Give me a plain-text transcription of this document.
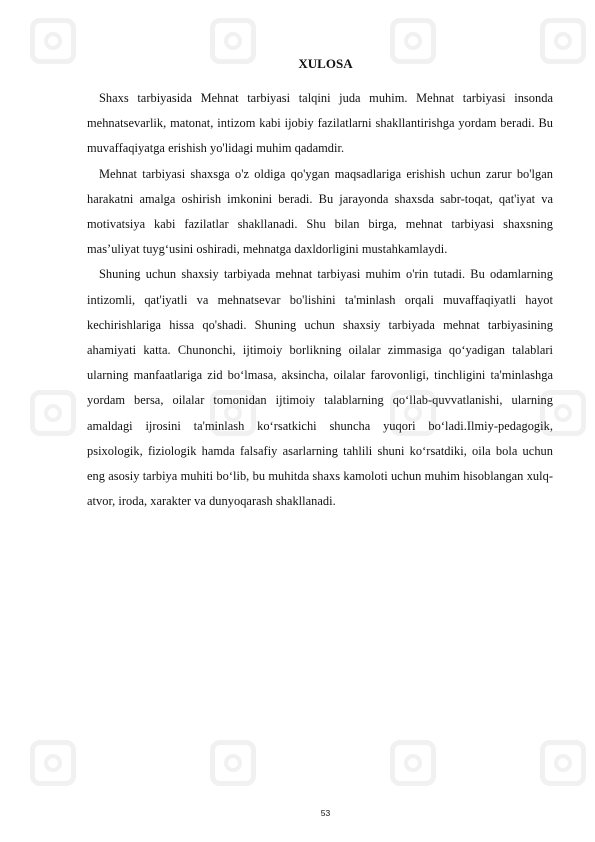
XULOSA

Shaxs tarbiyasida Mehnat tarbiyasi talqini juda muhim. Mehnat tarbiyasi insonda mehnatsevarlik, matonat, intizom kabi ijobiy fazilatlarni shakllantirishga yordam beradi. Bu muvaffaqiyatga erishish yo'lidagi muhim qadamdir.

Mehnat tarbiyasi shaxsga o'z oldiga qo'ygan maqsadlariga erishish uchun zarur bo'lgan harakatni amalga oshirish imkonini beradi. Bu jarayonda shaxsda sabr-toqat, qat'iyat va motivatsiya kabi fazilatlar shakllanadi. Shu bilan birga, mehnat tarbiyasi shaxsning mas’uliyat tuyg‘usini oshiradi, mehnatga daxldorligini mustahkamlaydi.

Shuning uchun shaxsiy tarbiyada mehnat tarbiyasi muhim o'rin tutadi. Bu odamlarning intizomli, qat'iyatli va mehnatsevar bo'lishini ta'minlash orqali muvaffaqiyatli hayot kechirishlariga hissa qo'shadi. Shuning uchun shaxsiy tarbiyada mehnat tarbiyasining ahamiyati katta. Chunonchi, ijtimoiy borlikning oilalar zimmasiga qo‘yadigan talablari ularning manfaatlariga zid bo‘lmasa, aksincha, oilalar farovonligi, tinchligini ta'minlashga yordam bersa, oilalar tomonidan ijtimoiy talablarning qo‘llab-quvvatlanishi, ularning amaldagi ijrosini ta'minlash ko‘rsatkichi shuncha yuqori bo‘ladi.Ilmiy-pedagogik, psixologik, fiziologik hamda falsafiy asarlarning tahlili shuni ko‘rsatdiki, oila bola uchun eng asosiy tarbiya muhiti bo‘lib, bu muhitda shaxs kamoloti uchun muhim hisoblangan xulq-atvor, iroda, xarakter va dunyoqarash shakllanadi.

53
